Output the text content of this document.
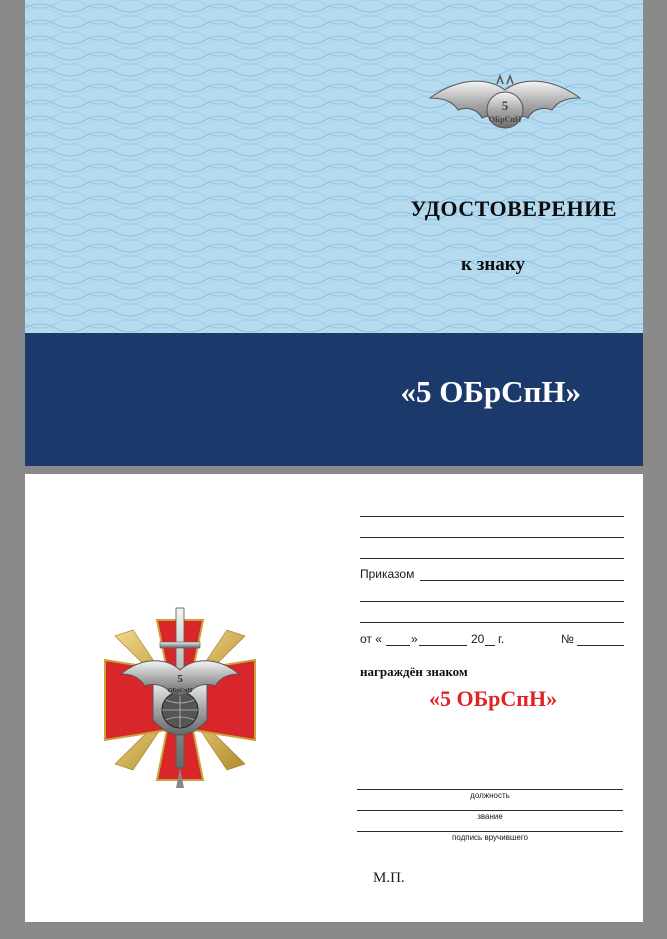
5
ОБрСпН
УДОСТОВЕРЕНИЕ
к знаку
«5 ОБрСпН»
5
ОБрСпН
Приказом
от « »	20 г.	№
награждён знаком
«5 ОБрСпН»
должность
звание
подпись вручившего
М.П.
